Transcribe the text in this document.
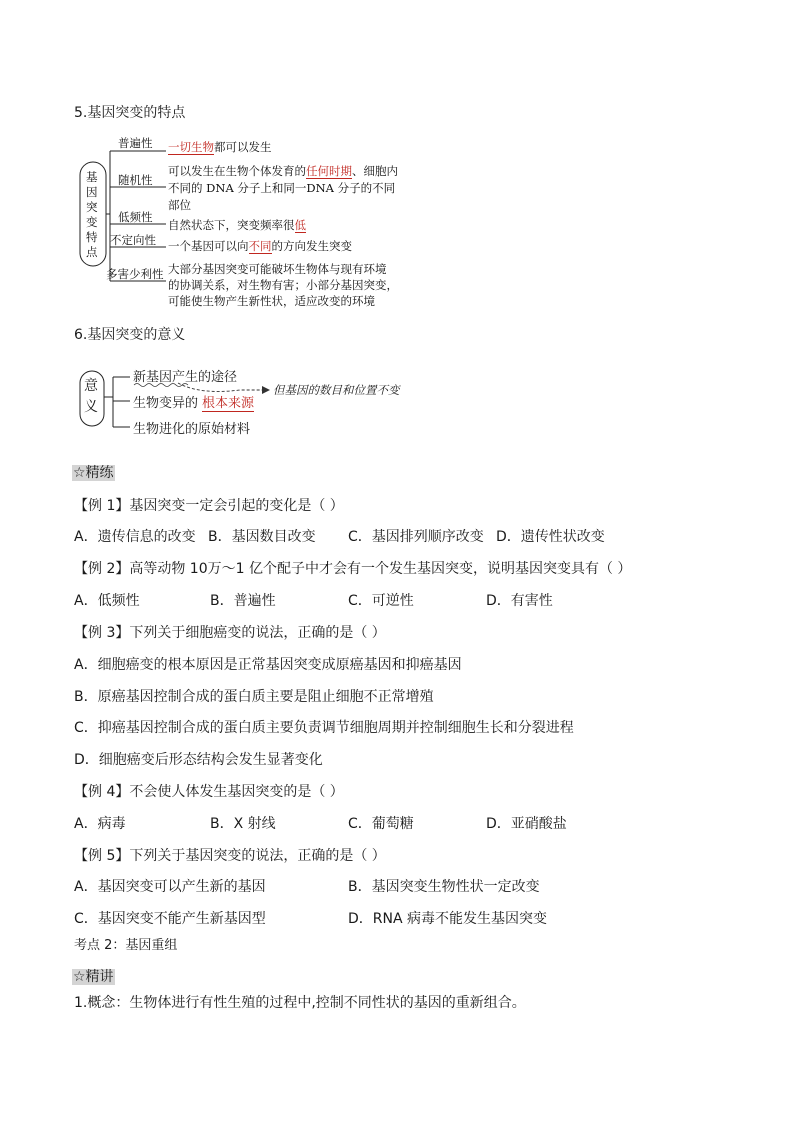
5.基因突变的特点
基
因
突
变
特
点
普遍性
随机性
低频性
不定向性
多害少利性
一切生物都可以发生
可以发生在生物个体发育的任何时期、细胞内
不同的 DNA 分子上和同一DNA 分子的不同
部位
自然状态下，突变频率很低
一个基因可以向不同的方向发生突变
大部分基因突变可能破坏生物体与现有环境
的协调关系，对生物有害；小部分基因突变，
可能使生物产生新性状，适应改变的环境
6.基因突变的意义
意
义
新基因产生的途径
生物变异的 根本来源
生物进化的原始材料
但基因的数目和位置不变
☆精练
【例 1】基因突变一定会引起的变化是（ ）
A．遗传信息的改变 B．基因数目改变 C．基因排列顺序改变 D．遗传性状改变
【例 2】高等动物 10万～1 亿个配子中才会有一个发生基因突变，说明基因突变具有（ ）
A．低频性	B．普遍性	C．可逆性	D．有害性
【例 3】下列关于细胞癌变的说法，正确的是（ ）
A．细胞癌变的根本原因是正常基因突变成原癌基因和抑癌基因
B．原癌基因控制合成的蛋白质主要是阻止细胞不正常增殖
C．抑癌基因控制合成的蛋白质主要负责调节细胞周期并控制细胞生长和分裂进程
D．细胞癌变后形态结构会发生显著变化
【例 4】不会使人体发生基因突变的是（ ）
A．病毒	B．X 射线	C．葡萄糖	D．亚硝酸盐
【例 5】下列关于基因突变的说法，正确的是（ ）
A．基因突变可以产生新的基因	B．基因突变生物性状一定改变
C．基因突变不能产生新基因型	D．RNA 病毒不能发生基因突变
考点 2：基因重组
☆精讲
1.概念：生物体进行有性生殖的过程中,控制不同性状的基因的重新组合。
